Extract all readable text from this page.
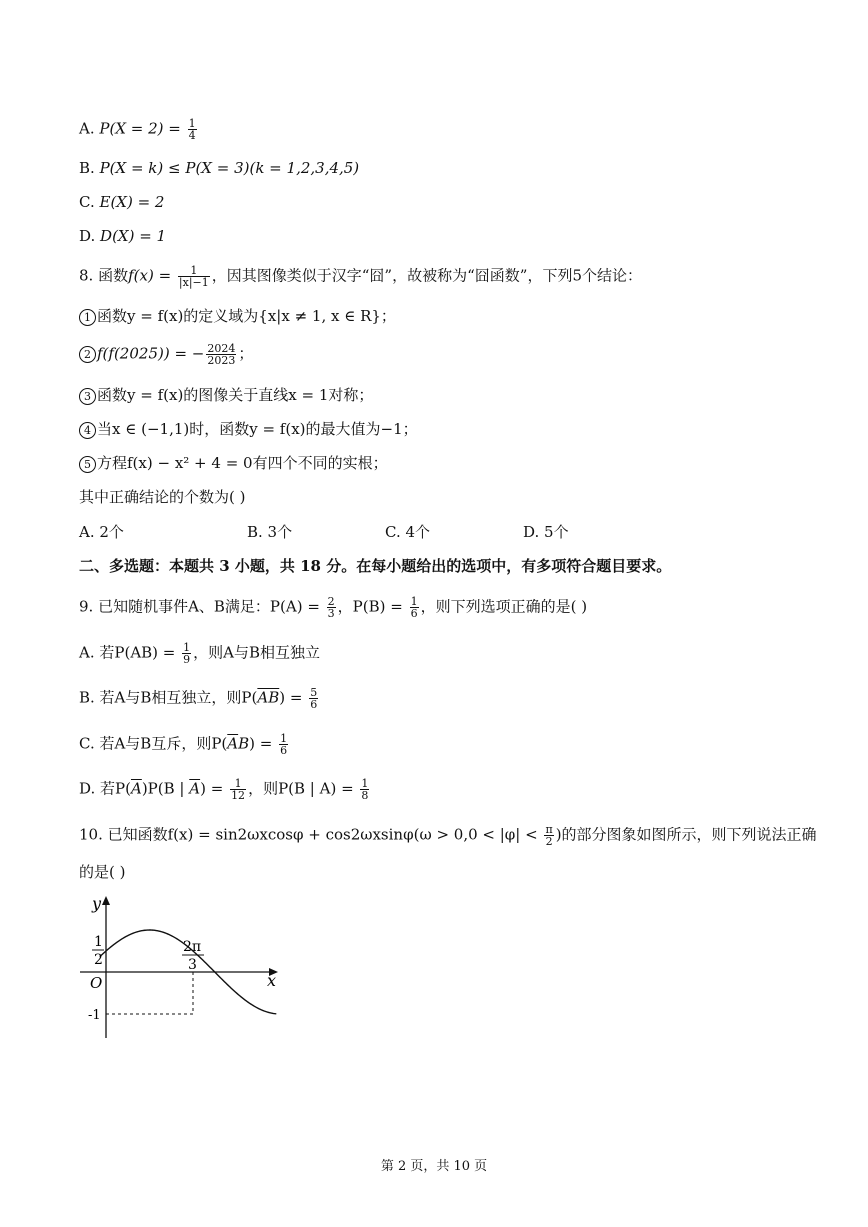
A. $P(X = 2) = \frac{1}{4}$
B. P(X = k) ≤ P(X = 3)(k = 1,2,3,4,5)
C. E(X) = 2
D. D(X) = 1
8. 函数$f(x) = \frac{1}{|x|-1}$ ，因其图像类似于汉字“囧”，故被称为“囧函数”，下列5个结论：
1 函数y = f(x)的定义域为{x|x ≠ 1, x ∈ R}；
2 f(f(2025)) = − $\frac{2024}{2023}$ ；
3 函数y = f(x)的图像关于直线x = 1对称；
4 当x ∈ (−1,1)时，函数y = f(x)的最大值为−1；
5 方程f(x) − x² + 4 = 0有四个不同的实根；
其中正确结论的个数为( )
A. 2个	B. 3个	C. 4个	D. 5个
二、多选题：本题共 3 小题，共 18 分。在每小题给出的选项中，有多项符合题目要求。
9. 已知随机事件A、B满足：$P(A) = \frac{2}{3}$ ，$P(B) = \frac{1}{6}$ ，则下列选项正确的是( )
A. 若$P(AB) = \frac{1}{9}$ ，则A与B相互独立
B. 若A与B相互独立，则$P(\overline{AB}) = \frac{5}{6}$
C. 若A与B互斥，则$P(\overline{A}B) = \frac{1}{6}$
D. 若$P(\overline{A})P(B$ | $\overline{A}) = \frac{1}{12}$ ，则P(B | $A) = \frac{1}{8}$
10. 已知函数$f(x) = \sin 2\omega xcos\varphi + \cos 2\omega xsin\varphi(\omega > 0,0 < |\varphi| < \frac{\pi}{2}$ )的部分图象如图所示，则下列说法正确
的是( )
y
x
O
1
2
2π
3
-1
第 2 页，共 10 页
